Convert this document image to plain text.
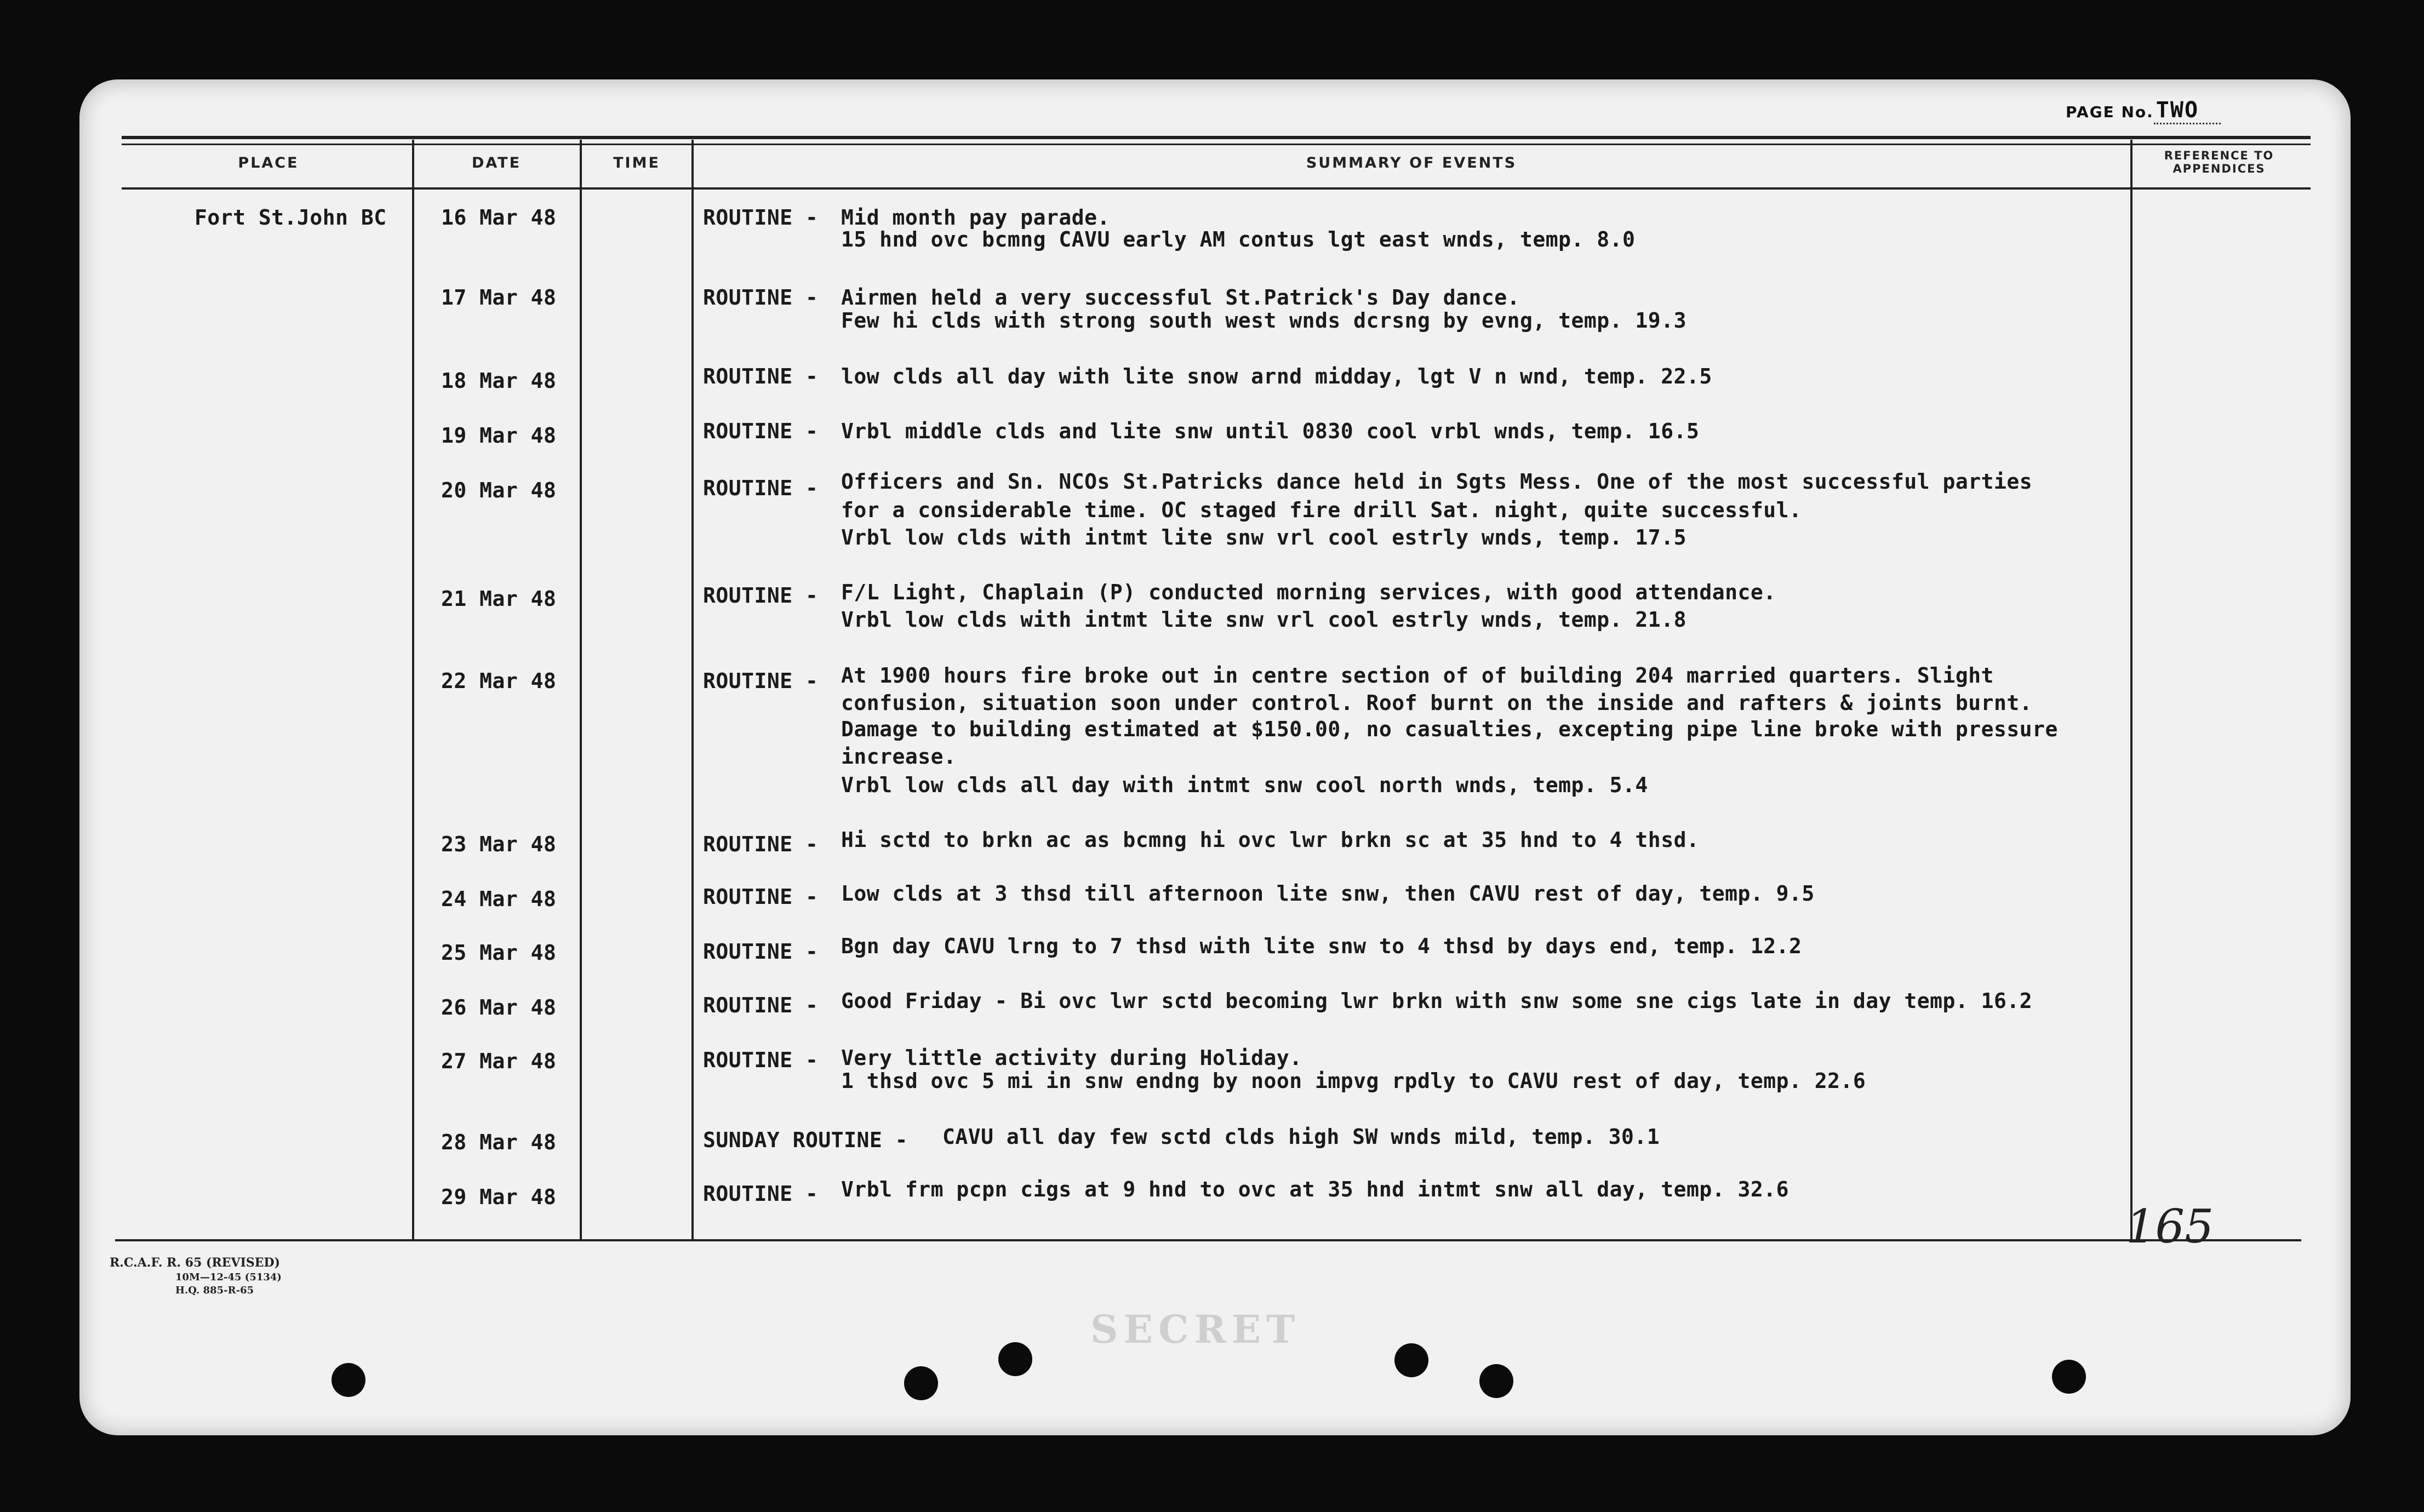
PAGE No. TWO
PLACE	DATE	TIME	SUMMARY OF EVENTS	REFERENCE TO APPENDICES
Fort St.John BC	16 Mar 48	ROUTINE - Mid month pay parade.
15 hnd ovc bcmng CAVU early AM contus lgt east wnds, temp. 8.0
17 Mar 48	ROUTINE - Airmen held a very successful St.Patrick's Day dance.
Few hi clds with strong south west wnds dcrsng by evng, temp. 19.3
18 Mar 48	ROUTINE - low clds all day with lite snow arnd midday, lgt V n wnd, temp. 22.5
19 Mar 48	ROUTINE - Vrbl middle clds and lite snw until 0830 cool vrbl wnds, temp. 16.5
20 Mar 48	ROUTINE - Officers and Sn. NCOs St.Patricks dance held in Sgts Mess. One of the most successful parties
for a considerable time. OC staged fire drill Sat. night, quite successful.
Vrbl low clds with intmt lite snw vrl cool estrly wnds, temp. 17.5
21 Mar 48	ROUTINE - F/L Light, Chaplain (P) conducted morning services, with good attendance.
Vrbl low clds with intmt lite snw vrl cool estrly wnds, temp. 21.8
22 Mar 48	ROUTINE - At 1900 hours fire broke out in centre section of of building 204 married quarters. Slight
confusion, situation soon under control. Roof burnt on the inside and rafters & joints burnt.
Damage to building estimated at $150.00, no casualties, excepting pipe line broke with pressure
increase.
Vrbl low clds all day with intmt snw cool north wnds, temp. 5.4
23 Mar 48	ROUTINE - Hi sctd to brkn ac as bcmng hi ovc lwr brkn sc at 35 hnd to 4 thsd.
24 Mar 48	ROUTINE - Low clds at 3 thsd till afternoon lite snw, then CAVU rest of day, temp. 9.5
25 Mar 48	ROUTINE - Bgn day CAVU lrng to 7 thsd with lite snw to 4 thsd by days end, temp. 12.2
26 Mar 48	ROUTINE - Good Friday - Bi ovc lwr sctd becoming lwr brkn with snw some sne cigs late in day temp. 16.2
27 Mar 48	ROUTINE - Very little activity during Holiday.
1 thsd ovc 5 mi in snw endng by noon impvg rpdly to CAVU rest of day, temp. 22.6
28 Mar 48	SUNDAY ROUTINE - CAVU all day few sctd clds high SW wnds mild, temp. 30.1
29 Mar 48	ROUTINE - Vrbl frm pcpn cigs at 9 hnd to ovc at 35 hnd intmt snw all day, temp. 32.6
165
R.C.A.F. R. 65 (REVISED)
10M—12-45 (5134)
H.Q. 885-R-65
SECRET
